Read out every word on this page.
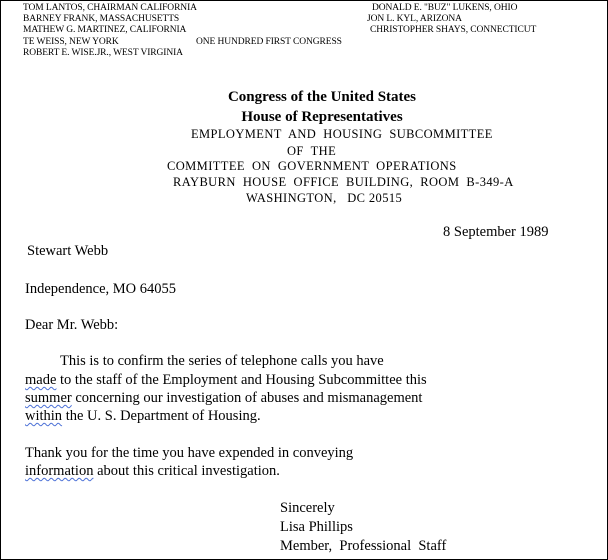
TOM LANTOS, CHAIRMAN CALIFORNIA
BARNEY FRANK, MASSACHUSETTS
MATHEW G. MARTINEZ, CALIFORNIA
TE WEISS, NEW YORK
ROBERT E. WISE.JR., WEST VIRGINIA
ONE HUNDRED FIRST CONGRESS
DONALD E. "BUZ" LUKENS, OHIO
JON L. KYL, ARIZONA
CHRISTOPHER SHAYS, CONNECTICUT
Congress of the United States
House of Representatives
EMPLOYMENT  AND  HOUSING  SUBCOMMITTEE
OF  THE
COMMITTEE  ON  GOVERNMENT  OPERATIONS
RAYBURN  HOUSE  OFFICE  BUILDING,  ROOM  B-349-A
WASHINGTON,   DC 20515
8 September 1989
Stewart Webb
Independence, MO 64055
Dear Mr. Webb:
This is to confirm the series of telephone calls you have
made to the staff of the Employment and Housing Subcommittee this
summer concerning our investigation of abuses and mismanagement
within the U. S. Department of Housing.
Thank you for the time you have expended in conveying
information about this critical investigation.
Sincerely
Lisa Phillips
Member,  Professional  Staff
